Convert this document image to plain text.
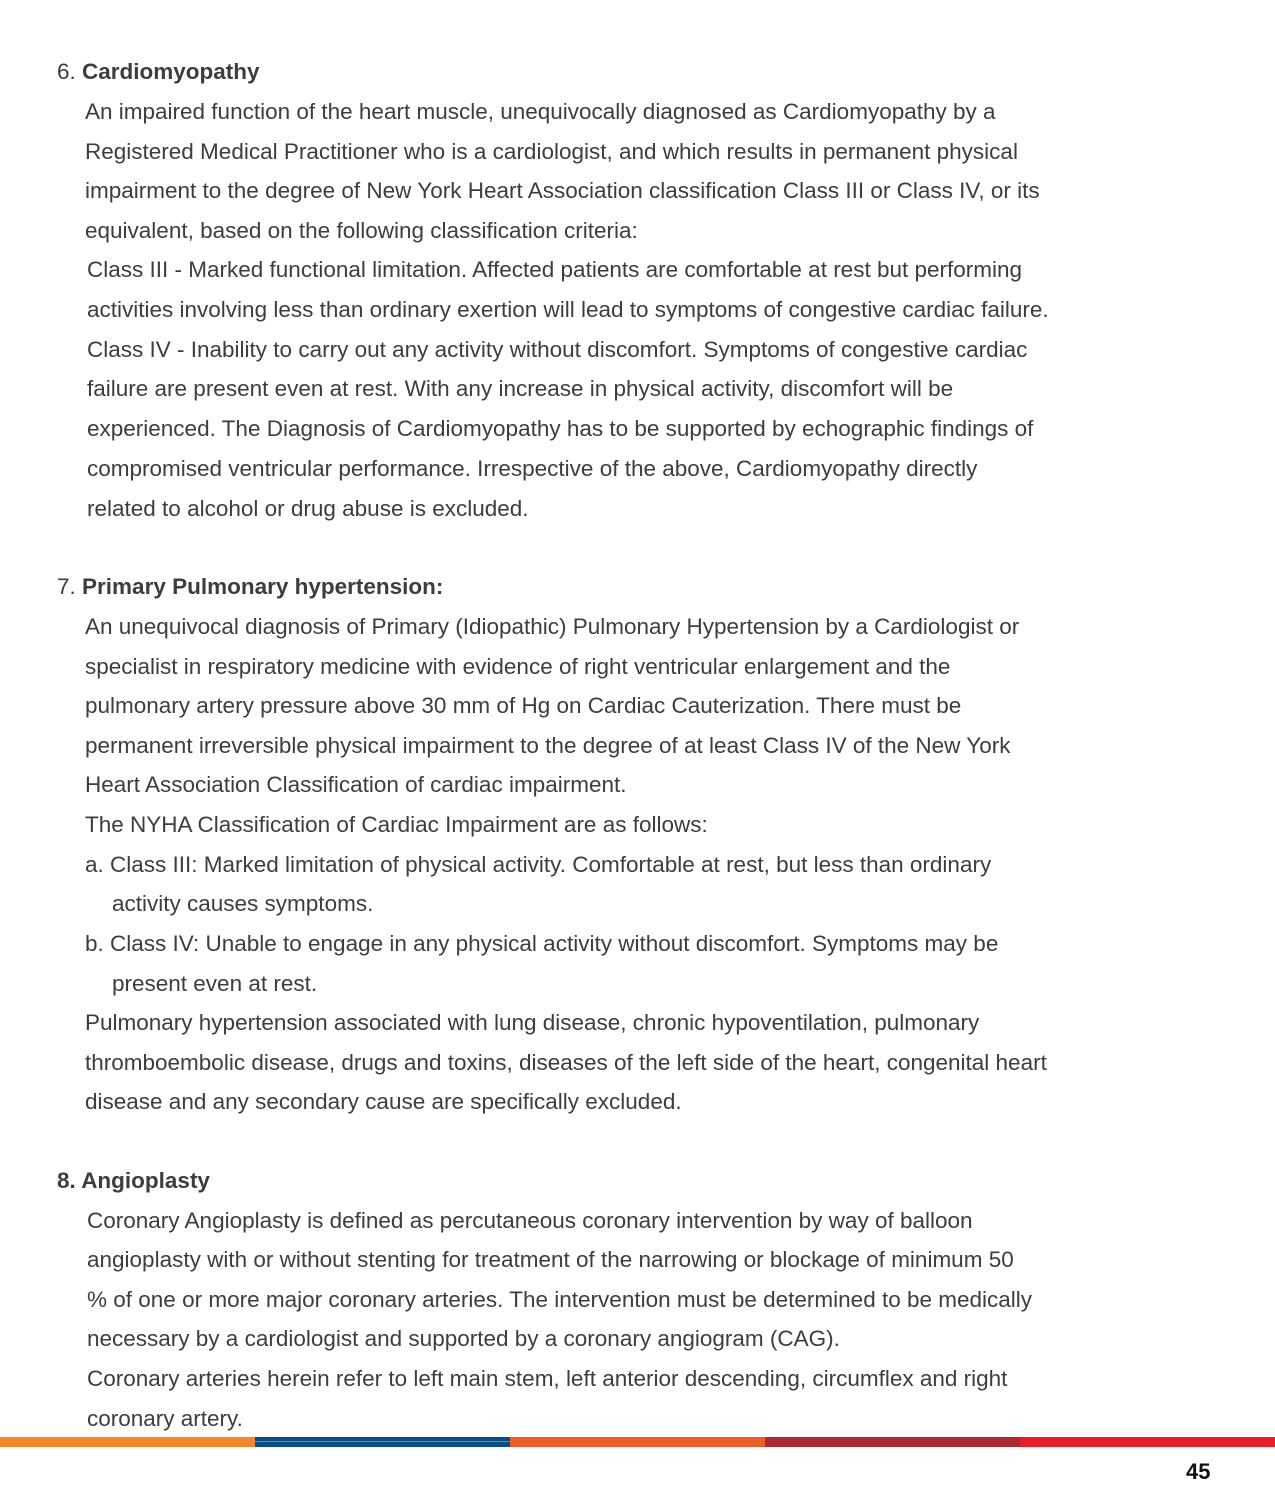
6. Cardiomyopathy
An impaired function of the heart muscle, unequivocally diagnosed as Cardiomyopathy by a
Registered Medical Practitioner who is a cardiologist, and which results in permanent physical
impairment to the degree of New York Heart Association classification Class III or Class IV, or its
equivalent, based on the following classification criteria:
Class III - Marked functional limitation. Affected patients are comfortable at rest but performing
activities involving less than ordinary exertion will lead to symptoms of congestive cardiac failure.
Class IV - Inability to carry out any activity without discomfort. Symptoms of congestive cardiac
failure are present even at rest. With any increase in physical activity, discomfort will be
experienced. The Diagnosis of Cardiomyopathy has to be supported by echographic findings of
compromised ventricular performance. Irrespective of the above, Cardiomyopathy directly
related to alcohol or drug abuse is excluded.
7. Primary Pulmonary hypertension:
An unequivocal diagnosis of Primary (Idiopathic) Pulmonary Hypertension by a Cardiologist or
specialist in respiratory medicine with evidence of right ventricular enlargement and the
pulmonary artery pressure above 30 mm of Hg on Cardiac Cauterization. There must be
permanent irreversible physical impairment to the degree of at least Class IV of the New York
Heart Association Classification of cardiac impairment.
The NYHA Classification of Cardiac Impairment are as follows:
a. Class III: Marked limitation of physical activity. Comfortable at rest, but less than ordinary
activity causes symptoms.
b. Class IV: Unable to engage in any physical activity without discomfort. Symptoms may be
present even at rest.
Pulmonary hypertension associated with lung disease, chronic hypoventilation, pulmonary
thromboembolic disease, drugs and toxins, diseases of the left side of the heart, congenital heart
disease and any secondary cause are specifically excluded.
8. Angioplasty
Coronary Angioplasty is defined as percutaneous coronary intervention by way of balloon
angioplasty with or without stenting for treatment of the narrowing or blockage of minimum 50
% of one or more major coronary arteries. The intervention must be determined to be medically
necessary by a cardiologist and supported by a coronary angiogram (CAG).
Coronary arteries herein refer to left main stem, left anterior descending, circumflex and right
coronary artery.
45
